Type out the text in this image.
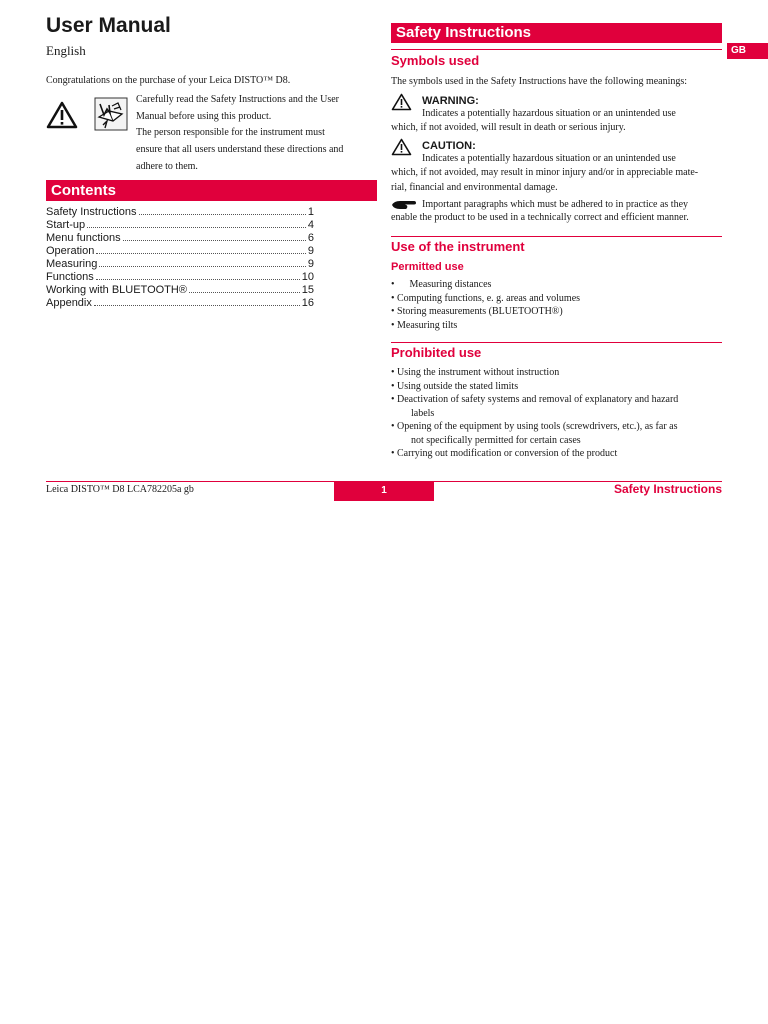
User Manual
English
Congratulations on the purchase of your Leica DISTO™ D8.
Carefully read the Safety Instructions and the User
Manual before using this product.
The person responsible for the instrument must
ensure that all users understand these directions and
adhere to them.
Contents
Safety Instructions	1
Start-up	4
Menu functions	6
Operation	9
Measuring	9
Functions	10
Working with BLUETOOTH®	15
Appendix	16
Safety Instructions
GB
Symbols used
The symbols used in the Safety Instructions have the following meanings:
WARNING:
Indicates a potentially hazardous situation or an unintended use
which, if not avoided, will result in death or serious injury.
CAUTION:
Indicates a potentially hazardous situation or an unintended use
which, if not avoided, may result in minor injury and/or in appreciable mate-
rial, financial and environmental damage.
Important paragraphs which must be adhered to in practice as they
enable the product to be used in a technically correct and efficient manner.
Use of the instrument
Permitted use
•      Measuring distances
• Computing functions, e. g. areas and volumes
• Storing measurements (BLUETOOTH®)
• Measuring tilts
Prohibited use
• Using the instrument without instruction
• Using outside the stated limits
• Deactivation of safety systems and removal of explanatory and hazard
labels
• Opening of the equipment by using tools (screwdrivers, etc.), as far as
not specifically permitted for certain cases
• Carrying out modification or conversion of the product
Leica DISTO™ D8 LCA782205a gb	1	Safety Instructions
